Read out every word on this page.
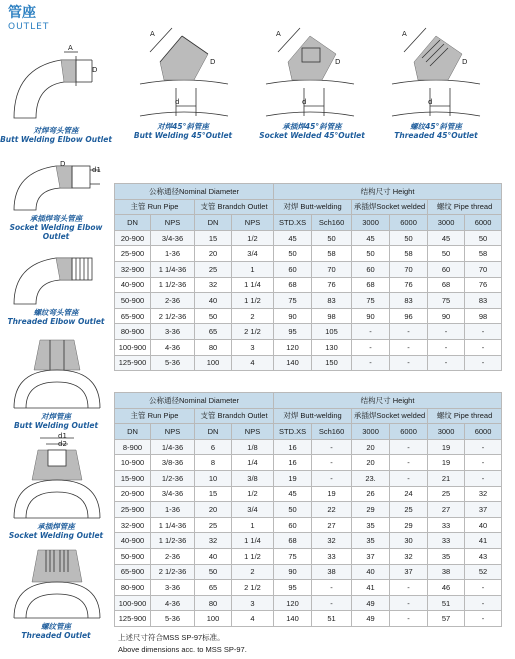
管座
OUTLET
A
D
对焊弯头管座
Butt Welding Elbow Outlet
A
D
d
对焊45°斜管座
Butt Welding 45°Outlet
A
D
d
承插焊45°斜管座
Socket Welded 45°Outlet
A
D
d
螺纹45°斜管座
Threaded 45°Outlet
D
d1
承插焊弯头管座
Socket Welding Elbow Outlet
螺纹弯头管座
Threaded Elbow Outlet
对焊管座
Butt Welding Outlet
d1
d2
承插焊管座
Socket Welding Outlet
螺纹管座
Threaded Outlet
公称通径Nominal Diameter				结构尺寸 Height					
主管 Run Pipe		支管 Brandch Outlet		对焊 Butt-welding		承插焊Socket welded		螺纹 Pipe thread	
DN	NPS	DN	NPS	STD.XS	Sch160	3000	6000	3000	6000
20-900	3/4-36	15	1/2	45	50	45	50	45	50
25-900	1-36	20	3/4	50	58	50	58	50	58
32-900	1 1/4-36	25	1	60	70	60	70	60	70
40-900	1 1/2-36	32	1 1/4	68	76	68	76	68	76
50-900	2-36	40	1 1/2	75	83	75	83	75	83
65-900	2 1/2-36	50	2	90	98	90	96	90	98
80-900	3-36	65	2 1/2	95	105	-	-	-	-
100-900	4-36	80	3	120	130	-	-	-	-
125-900	5-36	100	4	140	150	-	-	-	-
公称通径Nominal Diameter				结构尺寸 Height					
主管 Run Pipe		支管 Brandch Outlet		对焊 Butt-welding		承插焊Socket welded		螺纹 Pipe thread	
DN	NPS	DN	NPS	STD.XS	Sch160	3000	6000	3000	6000
8-900	1/4-36	6	1/8	16	-	20	-	19	-
10-900	3/8-36	8	1/4	16	-	20	-	19	-
15-900	1/2-36	10	3/8	19	-	23.	-	21	-
20-900	3/4-36	15	1/2	45	19	26	24	25	32
25-900	1-36	20	3/4	50	22	29	25	27	37
32-900	1 1/4-36	25	1	60	27	35	29	33	40
40-900	1 1/2-36	32	1 1/4	68	32	35	30	33	41
50-900	2-36	40	1 1/2	75	33	37	32	35	43
65-900	2 1/2-36	50	2	90	38	40	37	38	52
80-900	3-36	65	2 1/2	95	-	41	-	46	-
100-900	4-36	80	3	120	-	49	-	51	-
125-900	5-36	100	4	140	51	49	-	57	-
上述尺寸符合MSS SP-97标准。
Above dimensions acc. to MSS SP-97.
